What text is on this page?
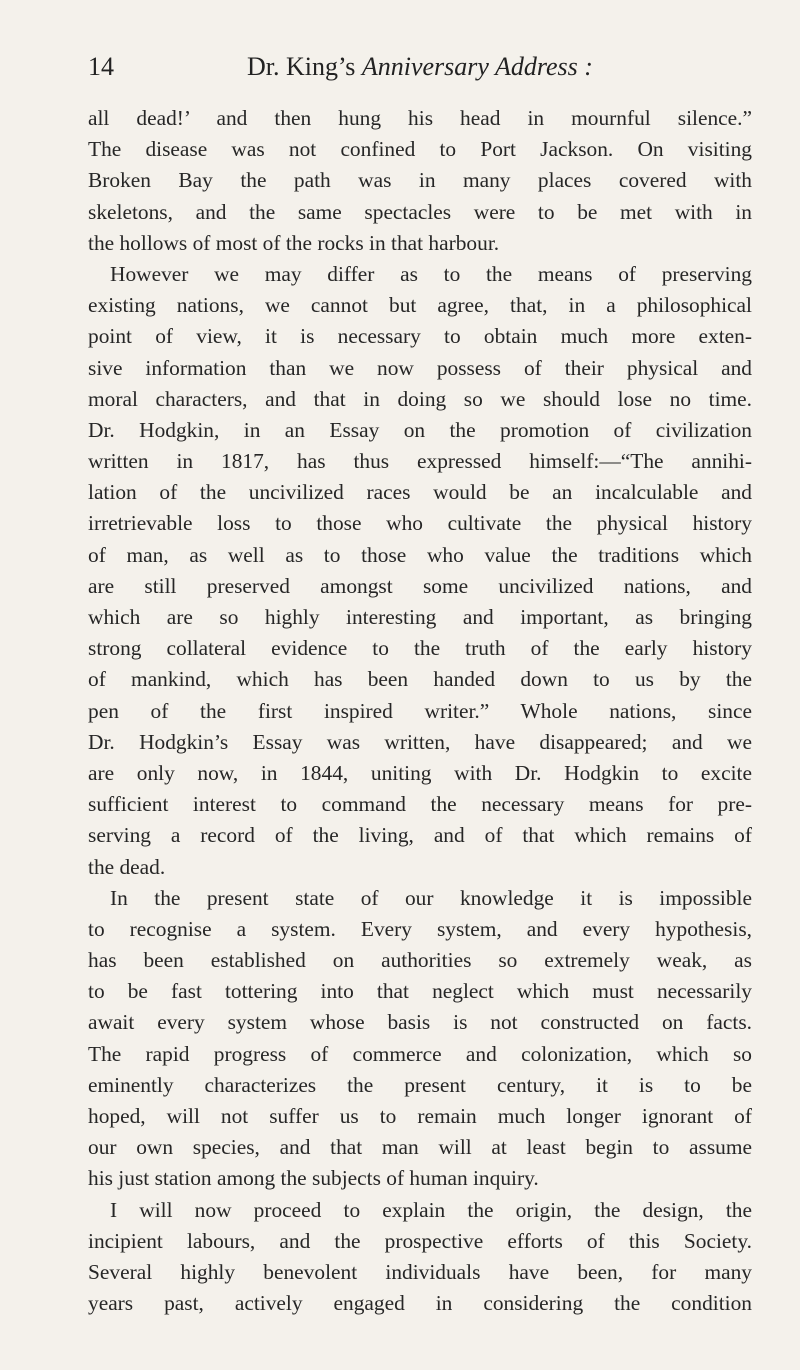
14	Dr. King’s Anniversary Address :
all dead!’ and then hung his head in mournful silence.”
The disease was not confined to Port Jackson. On visiting
Broken Bay the path was in many places covered with
skeletons, and the same spectacles were to be met with in
the hollows of most of the rocks in that harbour.
However we may differ as to the means of preserving
existing nations, we cannot but agree, that, in a philosophical
point of view, it is necessary to obtain much more exten-
sive information than we now possess of their physical and
moral characters, and that in doing so we should lose no time.
Dr. Hodgkin, in an Essay on the promotion of civilization
written in 1817, has thus expressed himself:—“The annihi-
lation of the uncivilized races would be an incalculable and
irretrievable loss to those who cultivate the physical history
of man, as well as to those who value the traditions which
are still preserved amongst some uncivilized nations, and
which are so highly interesting and important, as bringing
strong collateral evidence to the truth of the early history
of mankind, which has been handed down to us by the
pen of the first inspired writer.” Whole nations, since
Dr. Hodgkin’s Essay was written, have disappeared; and we
are only now, in 1844, uniting with Dr. Hodgkin to excite
sufficient interest to command the necessary means for pre-
serving a record of the living, and of that which remains of
the dead.
In the present state of our knowledge it is impossible
to recognise a system. Every system, and every hypothesis,
has been established on authorities so extremely weak, as
to be fast tottering into that neglect which must necessarily
await every system whose basis is not constructed on facts.
The rapid progress of commerce and colonization, which so
eminently characterizes the present century, it is to be
hoped, will not suffer us to remain much longer ignorant of
our own species, and that man will at least begin to assume
his just station among the subjects of human inquiry.
I will now proceed to explain the origin, the design, the
incipient labours, and the prospective efforts of this Society.
Several highly benevolent individuals have been, for many
years past, actively engaged in considering the condition
